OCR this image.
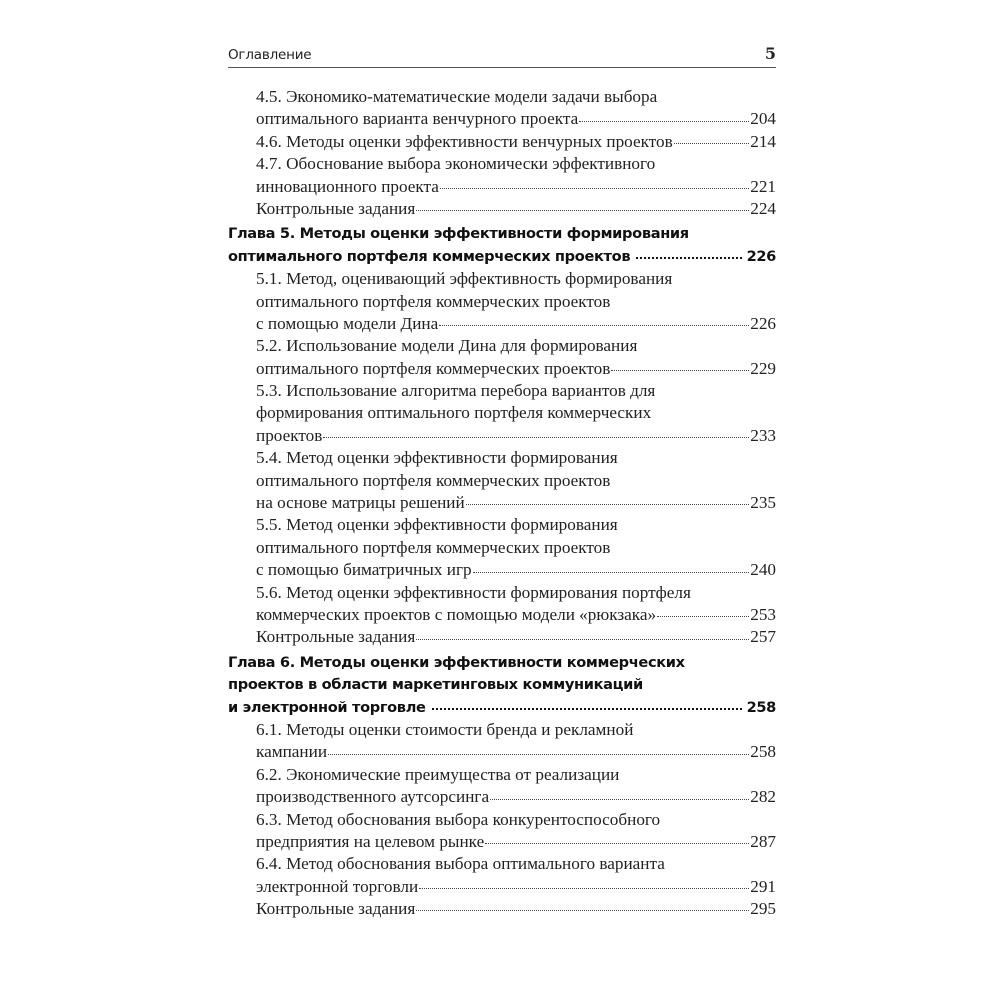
Оглавление	5
4.5. Экономико-математические модели задачи выбора
оптимального варианта венчурного проекта	204
4.6. Методы оценки эффективности венчурных проектов	214
4.7. Обоснование выбора экономически эффективного
инновационного проекта	221
Контрольные задания	224
Глава 5. Методы оценки эффективности формирования
оптимального портфеля коммерческих проектов	226
5.1. Метод, оценивающий эффективность формирования
оптимального портфеля коммерческих проектов
с помощью модели Дина	226
5.2. Использование модели Дина для формирования
оптимального портфеля коммерческих проектов	229
5.3. Использование алгоритма перебора вариантов для
формирования оптимального портфеля коммерческих
проектов	233
5.4. Метод оценки эффективности формирования
оптимального портфеля коммерческих проектов
на основе матрицы решений	235
5.5. Метод оценки эффективности формирования
оптимального портфеля коммерческих проектов
с помощью биматричных игр	240
5.6. Метод оценки эффективности формирования портфеля
коммерческих проектов с помощью модели «рюкзака»	253
Контрольные задания	257
Глава 6. Методы оценки эффективности коммерческих
проектов в области маркетинговых коммуникаций
и электронной торговле	258
6.1. Методы оценки стоимости бренда и рекламной
кампании	258
6.2. Экономические преимущества от реализации
производственного аутсорсинга	282
6.3. Метод обоснования выбора конкурентоспособного
предприятия на целевом рынке	287
6.4. Метод обоснования выбора оптимального варианта
электронной торговли	291
Контрольные задания	295
